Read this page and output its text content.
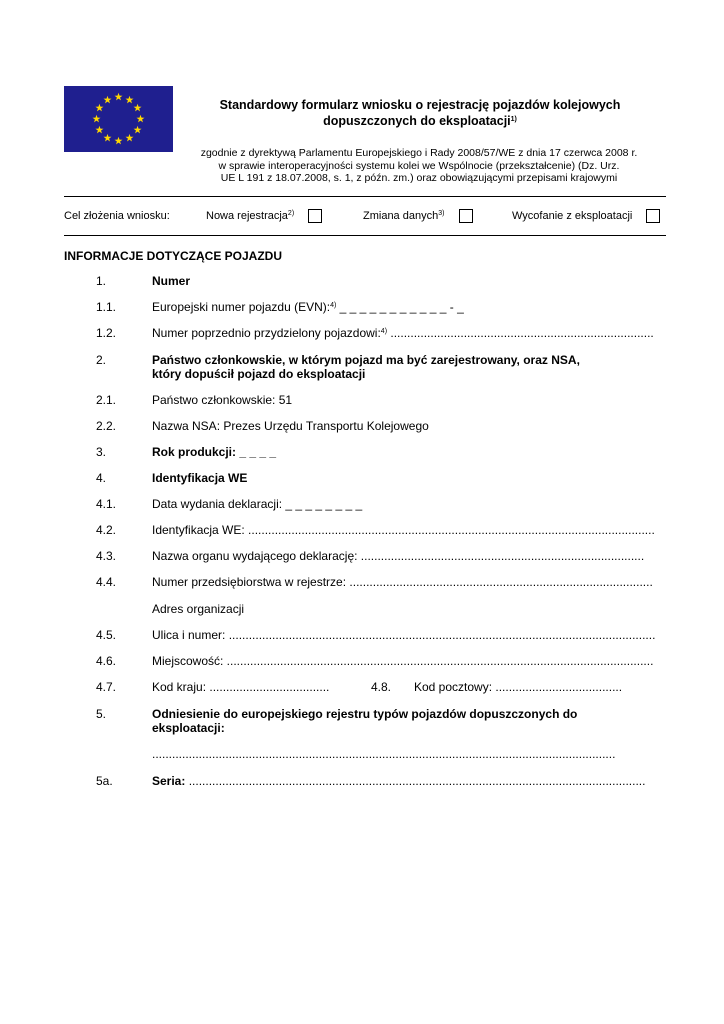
Standardowy formularz wniosku o rejestrację pojazdów kolejowych
dopuszczonych do eksploatacji$^{1)}$
zgodnie z dyrektywą Parlamentu Europejskiego i Rady 2008/57/WE z dnia 17 czerwca 2008 r.
w sprawie interoperacyjności systemu kolei we Wspólnocie (przekształcenie) (Dz. Urz.
UE L 191 z 18.07.2008, s. 1, z późn. zm.) oraz obowiązującymi przepisami krajowymi
Cel złożenia wniosku:	Nowa rejestracja$^{2)}$	Zmiana danych$^{3)}$	Wycofanie z eksploatacji
INFORMACJE DOTYCZĄCE POJAZDU
1.	Numer
1.1.	Europejski numer pojazdu (EVN):$^{4)}$ _ _ _ _ _ _ _ _ _ _ _ - _
1.2.	Numer poprzednio przydzielony pojazdowi:$^{4)}$ ...............................................................................
2.	Państwo członkowskie, w którym pojazd ma być zarejestrowany, oraz NSA,
który dopuścił pojazd do eksploatacji
2.1.	Państwo członkowskie: 51
2.2.	Nazwa NSA: Prezes Urzędu Transportu Kolejowego
3.	Rok produkcji: _ _ _ _
4.	Identyfikacja WE
4.1.	Data wydania deklaracji: _ _ _ _ _ _ _ _
4.2.	Identyfikacja WE: ..........................................................................................................................
4.3.	Nazwa organu wydającego deklarację: .....................................................................................
4.4.	Numer przedsiębiorstwa w rejestrze: ...........................................................................................
Adres organizacji
4.5.	Ulica i numer: ................................................................................................................................
4.6.	Miejscowość: ................................................................................................................................
4.7.	Kod kraju: ....................................	4.8. Kod pocztowy: ......................................
5.	Odniesienie do europejskiego rejestru typów pojazdów dopuszczonych do
eksploatacji:
...........................................................................................................................................
5a.	Seria: .........................................................................................................................................
